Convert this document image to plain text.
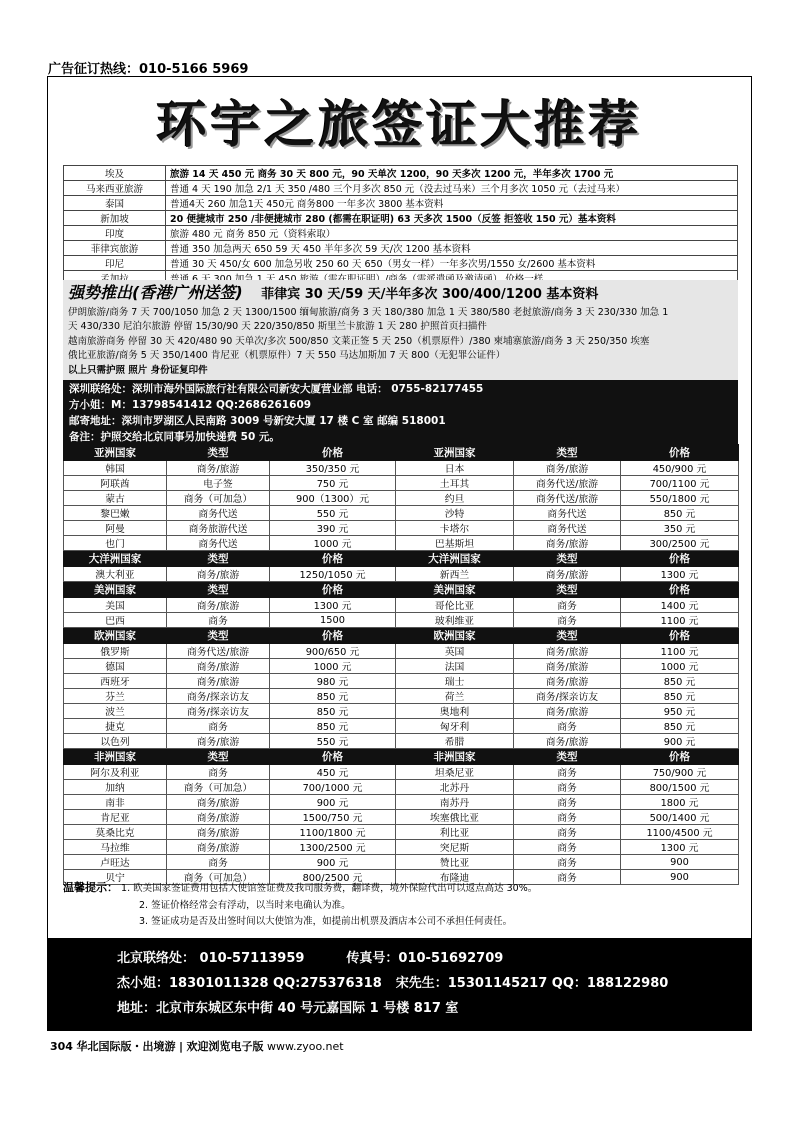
广告征订热线：010-5166 5969
环宇之旅签证大推荐
埃及	旅游 14 天 450 元 商务 30 天 800 元，90 天单次 1200，90 天多次 1200 元，半年多次 1700 元
马来西亚旅游	普通 4 天 190 加急 2/1 天 350 /480 三个月多次 850 元（没去过马来）三个月多次 1050 元（去过马来）
泰国	普通4天 260 加急1天 450元 商务800 一年多次 3800 基本资料
新加坡	20 便捷城市 250 /非便捷城市 280 (都需在职证明) 63 天多次 1500（反签 拒签收 150 元）基本资料
印度	旅游 480 元 商务 850 元（资料索取）
菲律宾旅游	普通 350 加急两天 650 59 天 450 半年多次 59 天/次 1200 基本资料
印尼	普通 30 天 450/女 600 加急另收 250 60 天 650（男女一样）一年多次男/1550 女/2600 基本资料

强势推出(香港广州送签) 菲律宾 30 天/59 天/半年多次 300/400/1200 基本资料
伊朗旅游/商务 7 天 700/1050 加急 2 天 1300/1500 缅甸旅游/商务 3 天 180/380 加急 1 天 380/580 老挝旅游/商务 3 天 230/330 加急 1
天 430/330 尼泊尔旅游 停留 15/30/90 天 220/350/850 斯里兰卡旅游 1 天 280 护照首页扫描件
越南旅游商务 停留 30 天 420/480 90 天单次/多次 500/850 文莱正签 5 天 250（机票原件）/380 柬埔寨旅游/商务 3 天 250/350 埃塞
俄比亚旅游/商务 5 天 350/1400 肯尼亚（机票原件）7 天 550 马达加斯加 7 天 800（无犯罪公证件）
以上只需护照 照片 身份证复印件
深圳联络处：深圳市海外国际旅行社有限公司新安大厦营业部 电话： 0755-82177455
方小姐：M：13798541412 QQ:2686261609
邮寄地址：深圳市罗湖区人民南路 3009 号新安大厦 17 楼 C 室 邮编 518001
备注：护照交给北京同事另加快递费 50 元。
亚洲国家	类型	价格	亚洲国家	类型	价格
韩国	商务/旅游	350/350 元	日本	商务/旅游	450/900 元
阿联酋	电子签	750 元	土耳其	商务代送/旅游	700/1100 元
蒙古	商务（可加急）	900（1300）元	约旦	商务代送/旅游	550/1800 元
黎巴嫩	商务代送	550 元	沙特	商务代送	850 元
阿曼	商务旅游代送	390 元	卡塔尔	商务代送	350 元
也门	商务代送	1000 元	巴基斯坦	商务/旅游	300/2500 元
大洋洲国家	类型	价格	大洋洲国家	类型	价格
澳大利亚	商务/旅游	1250/1050 元	新西兰	商务/旅游	1300 元
美洲国家	类型	价格	美洲国家	类型	价格
美国	商务/旅游	1300 元	哥伦比亚	商务	1400 元
巴西	商务	1500	玻利维亚	商务	1100 元
欧洲国家	类型	价格	欧洲国家	类型	价格
俄罗斯	商务代送/旅游	900/650 元	英国	商务/旅游	1100 元
德国	商务/旅游	1000 元	法国	商务/旅游	1000 元
西班牙	商务/旅游	980 元	瑞士	商务/旅游	850 元
芬兰	商务/探亲访友	850 元	荷兰	商务/探亲访友	850 元
波兰	商务/探亲访友	850 元	奥地利	商务/旅游	950 元
捷克	商务	850 元	匈牙利	商务	850 元
以色列	商务/旅游	550 元	希腊	商务/旅游	900 元
非洲国家	类型	价格	非洲国家	类型	价格
阿尔及利亚	商务	450 元	坦桑尼亚	商务	750/900 元
加纳	商务（可加急）	700/1000 元	北苏丹	商务	800/1500 元
南非	商务/旅游	900 元	南苏丹	商务	1800 元
肯尼亚	商务/旅游	1500/750 元	埃塞俄比亚	商务	500/1400 元
莫桑比克	商务/旅游	1100/1800 元	利比亚	商务	1100/4500 元
马拉维	商务/旅游	1300/2500 元	突尼斯	商务	1300 元
卢旺达	商务	900 元	赞比亚	商务	900
贝宁	商务（可加急）	800/2500 元	布隆迪	商务	900
温馨提示： 1. 欧美国家签证费用包括大使馆签证费及我司服务费，翻译费，境外保险代出可以返点高达 30%。
2. 签证价格经常会有浮动，以当时来电确认为准。
3. 签证成功是否及出签时间以大使馆为准，如提前出机票及酒店本公司不承担任何责任。
北京联络处： 010-57113959	传真号：010-51692709
杰小姐：18301011328 QQ:275376318 宋先生：15301145217 QQ：188122980
地址：北京市东城区东中街 40 号元嘉国际 1 号楼 817 室
304 华北国际版・出境游 | 欢迎浏览电子版 www.zyoo.net
